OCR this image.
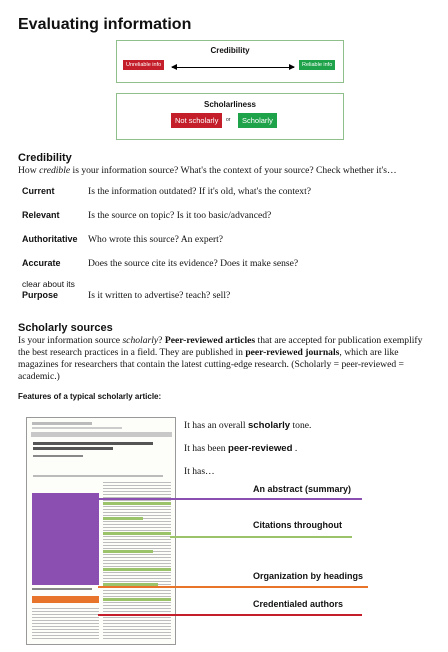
Evaluating information
Credibility
Unreliable info	Reliable info
Scholarliness
Not scholarly	or	Scholarly
Credibility
How credible is your information source? What's the context of your source? Check whether it's…
Current	Is the information outdated? If it's old, what's the context?
Relevant	Is the source on topic? Is it too basic/advanced?
Authoritative Who wrote this source? An expert?
Accurate	Does the source cite its evidence? Does it make sense?
clear about its
Purpose	Is it written to advertise? teach? sell?
Scholarly sources
Is your information source scholarly? Peer-reviewed articles that are accepted for publication exemplify the best research practices in a field. They are published in peer-reviewed journals, which are like magazines for researchers that contain the latest cutting-edge research. (Scholarly = peer-reviewed = academic.)
Features of a typical scholarly article:
It has an overall scholarly tone.
It has been peer-reviewed .
It has…
An abstract (summary)
Citations throughout
Organization by headings
Credentialed authors
